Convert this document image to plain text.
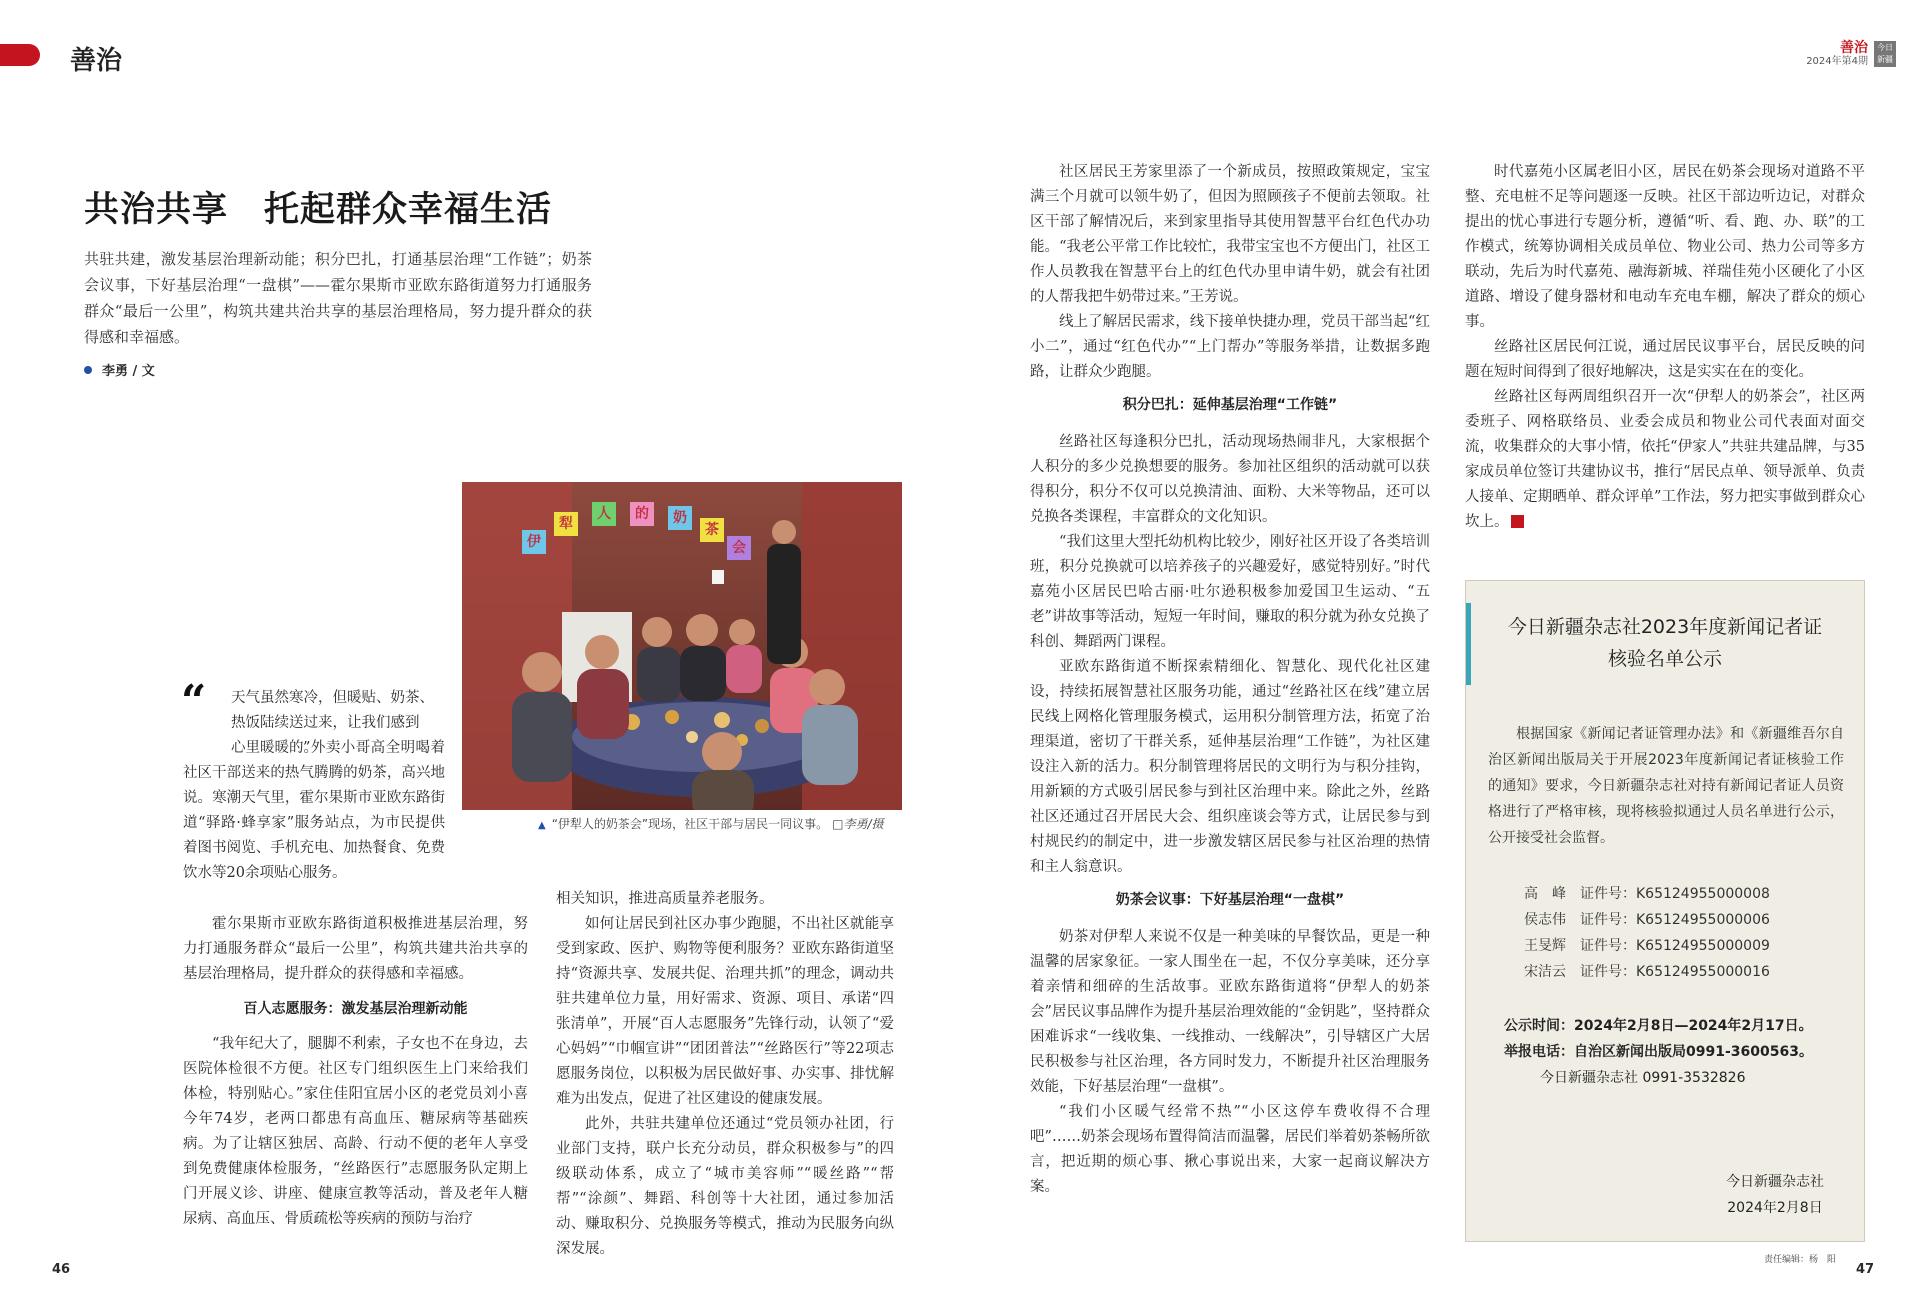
善治	善治
2024年第4期
今日
新疆
共治共享　托起群众幸福生活
共驻共建，激发基层治理新动能；积分巴扎，打通基层治理“工作链”；奶茶会议事，下好基层治理“一盘棋”——霍尔果斯市亚欧东路街道努力打通服务群众“最后一公里”，构筑共建共治共享的基层治理格局，努力提升群众的获得感和幸福感。
李勇 / 文
伊
犁
人	的	奶
茶
会
▲ “伊犁人的奶茶会”现场，社区干部与居民一同议事。 □李勇/摄
“ 天气虽然寒冷，但暖贴、奶茶、
热饭陆续送过来，让我们感到
心里暖暖的。
”外卖小哥高全明喝着社区干部送来的热气腾腾的奶茶，高兴地说。寒潮天气里，霍尔果斯市亚欧东路街道“驿路·蜂享家”服务站点，为市民提供着图书阅览、手机充电、加热餐食、免费饮水等20余项贴心服务。

霍尔果斯市亚欧东路街道积极推进基层治理，努力打通服务群众“最后一公里”，构筑共建共治共享的基层治理格局，提升群众的获得感和幸福感。

百人志愿服务：激发基层治理新动能

“我年纪大了，腿脚不利索，子女也不在身边，去医院体检很不方便。社区专门组织医生上门来给我们体检，特别贴心。”家住佳阳宜居小区的老党员刘小喜今年74岁，老两口都患有高血压、糖尿病等基础疾病。为了让辖区独居、高龄、行动不便的老年人享受到免费健康体检服务，“丝路医行”志愿服务队定期上门开展义诊、讲座、健康宣教等活动，普及老年人糖尿病、高血压、骨质疏松等疾病的预防与治疗

相关知识，推进高质量养老服务。

如何让居民到社区办事少跑腿，不出社区就能享受到家政、医护、购物等便利服务？亚欧东路街道坚持“资源共享、发展共促、治理共抓”的理念，调动共驻共建单位力量，用好需求、资源、项目、承诺“四张清单”，开展“百人志愿服务”先锋行动，认领了“爱心妈妈”“巾帼宣讲”“团团普法”“丝路医行”等22项志愿服务岗位，以积极为居民做好事、办实事、排忧解难为出发点，促进了社区建设的健康发展。

此外，共驻共建单位还通过“党员领办社团，行业部门支持，联户长充分动员，群众积极参与”的四级联动体系，成立了“城市美容师”“暖丝路”“帮帮”“涂颜”、舞蹈、科创等十大社团，通过参加活动、赚取积分、兑换服务等模式，推动为民服务向纵深发展。

社区居民王芳家里添了一个新成员，按照政策规定，宝宝满三个月就可以领牛奶了，但因为照顾孩子不便前去领取。社区干部了解情况后，来到家里指导其使用智慧平台红色代办功能。“我老公平常工作比较忙，我带宝宝也不方便出门，社区工作人员教我在智慧平台上的红色代办里申请牛奶，就会有社团的人帮我把牛奶带过来。”王芳说。

线上了解居民需求，线下接单快捷办理，党员干部当起“红小二”，通过“红色代办”“上门帮办”等服务举措，让数据多跑路，让群众少跑腿。

积分巴扎：延伸基层治理“工作链”

丝路社区每逢积分巴扎，活动现场热闹非凡，大家根据个人积分的多少兑换想要的服务。参加社区组织的活动就可以获得积分，积分不仅可以兑换清油、面粉、大米等物品，还可以兑换各类课程，丰富群众的文化知识。

“我们这里大型托幼机构比较少，刚好社区开设了各类培训班，积分兑换就可以培养孩子的兴趣爱好，感觉特别好。”时代嘉苑小区居民巴哈古丽·吐尔逊积极参加爱国卫生运动、“五老”讲故事等活动，短短一年时间，赚取的积分就为孙女兑换了科创、舞蹈两门课程。

亚欧东路街道不断探索精细化、智慧化、现代化社区建设，持续拓展智慧社区服务功能，通过“丝路社区在线”建立居民线上网格化管理服务模式，运用积分制管理方法，拓宽了治理渠道，密切了干群关系，延伸基层治理“工作链”，为社区建设注入新的活力。积分制管理将居民的文明行为与积分挂钩，用新颖的方式吸引居民参与到社区治理中来。除此之外，丝路社区还通过召开居民大会、组织座谈会等方式，让居民参与到村规民约的制定中，进一步激发辖区居民参与社区治理的热情和主人翁意识。

奶茶会议事：下好基层治理“一盘棋”

奶茶对伊犁人来说不仅是一种美味的早餐饮品，更是一种温馨的居家象征。一家人围坐在一起，不仅分享美味，还分享着亲情和细碎的生活故事。亚欧东路街道将“伊犁人的奶茶会”居民议事品牌作为提升基层治理效能的“金钥匙”，坚持群众困难诉求“一线收集、一线推动、一线解决”，引导辖区广大居民积极参与社区治理，各方同时发力，不断提升社区治理服务效能，下好基层治理“一盘棋”。

“我们小区暖气经常不热”“小区这停车费收得不合理吧”……奶茶会现场布置得简洁而温馨，居民们举着奶茶畅所欲言，把近期的烦心事、揪心事说出来，大家一起商议解决方案。

时代嘉苑小区属老旧小区，居民在奶茶会现场对道路不平整、充电桩不足等问题逐一反映。社区干部边听边记，对群众提出的忧心事进行专题分析，遵循“听、看、跑、办、联”的工作模式，统筹协调相关成员单位、物业公司、热力公司等多方联动，先后为时代嘉苑、融海新城、祥瑞佳苑小区硬化了小区道路、增设了健身器材和电动车充电车棚，解决了群众的烦心事。

丝路社区居民何江说，通过居民议事平台，居民反映的问题在短时间得到了很好地解决，这是实实在在的变化。

丝路社区每两周组织召开一次“伊犁人的奶茶会”，社区两委班子、网格联络员、业委会成员和物业公司代表面对面交流，收集群众的大事小情，依托“伊家人”共驻共建品牌，与35家成员单位签订共建协议书，推行“居民点单、领导派单、负责人接单、定期晒单、群众评单”工作法，努力把实事做到群众心坎上。

今日新疆杂志社2023年度新闻记者证
核验名单公示
根据国家《新闻记者证管理办法》和《新疆维吾尔自治区新闻出版局关于开展2023年度新闻记者证核验工作的通知》要求，今日新疆杂志社对持有新闻记者证人员资格进行了严格审核，现将核验拟通过人员名单进行公示，公开接受社会监督。
高　峰 证件号：K65124955000008
侯志伟 证件号：K65124955000006
王旻辉 证件号：K65124955000009
宋洁云 证件号：K65124955000016
公示时间：2024年2月8日—2024年2月17日。
举报电话：自治区新闻出版局0991-3600563。
今日新疆杂志社 0991-3532826
今日新疆杂志社
2024年2月8日
46	47
责任编辑：杨　阳
